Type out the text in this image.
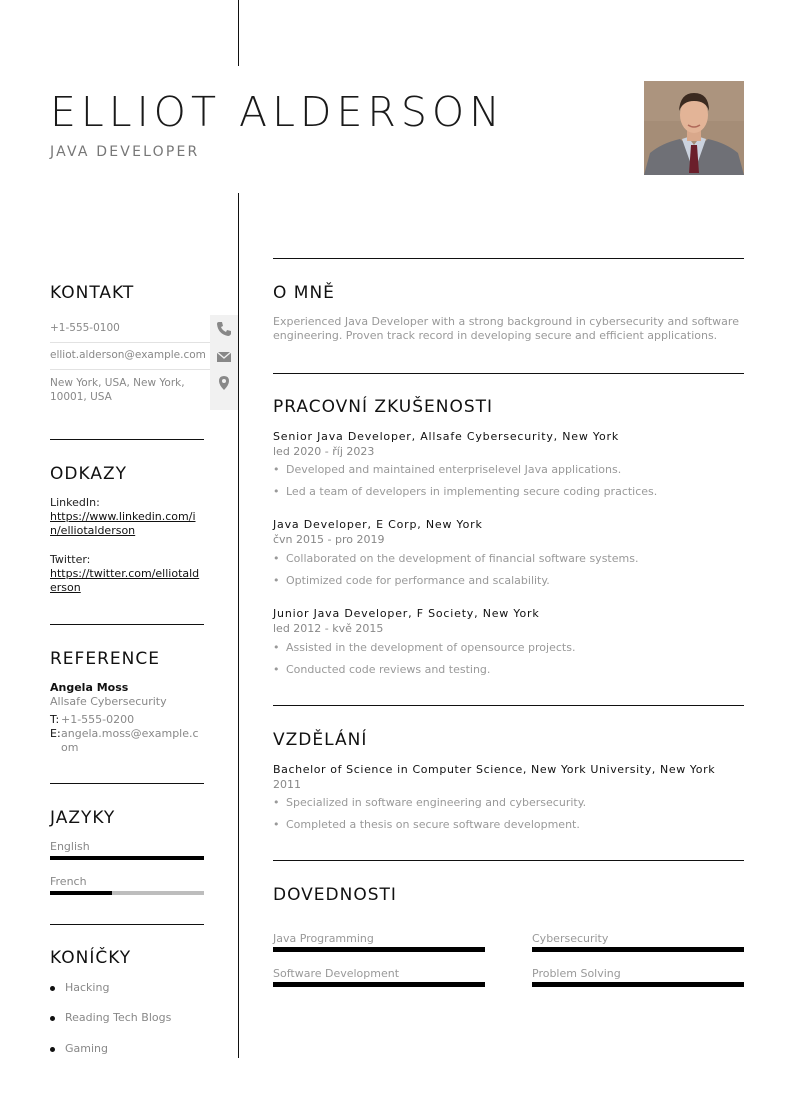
ELLIOT ALDERSON
JAVA DEVELOPER
KONTAKT
+1-555-0100
elliot.alderson@example.com
New York, USA, New York, 10001, USA
ODKAZY
LinkedIn:
https://www.linkedin.com/in/elliotalderson
Twitter:
https://twitter.com/elliotalderson
REFERENCE
Angela Moss
Allsafe Cybersecurity
T: +1-555-0200
E: angela.moss@example.com
JAZYKY
English
French
KONÍČKY
Hacking
Reading Tech Blogs
Gaming
O MNĚ
Experienced Java Developer with a strong background in cybersecurity and software engineering. Proven track record in developing secure and efficient applications.
PRACOVNÍ ZKUŠENOSTI
Senior Java Developer, Allsafe Cybersecurity, New York
led 2020 - říj 2023
• Developed and maintained enterpriselevel Java applications.
• Led a team of developers in implementing secure coding practices.
Java Developer, E Corp, New York
čvn 2015 - pro 2019
• Collaborated on the development of financial software systems.
• Optimized code for performance and scalability.
Junior Java Developer, F Society, New York
led 2012 - kvě 2015
• Assisted in the development of opensource projects.
• Conducted code reviews and testing.
VZDĚLÁNÍ
Bachelor of Science in Computer Science, New York University, New York
2011
• Specialized in software engineering and cybersecurity.
• Completed a thesis on secure software development.
DOVEDNOSTI
Java Programming	Cybersecurity
Software Development	Problem Solving
